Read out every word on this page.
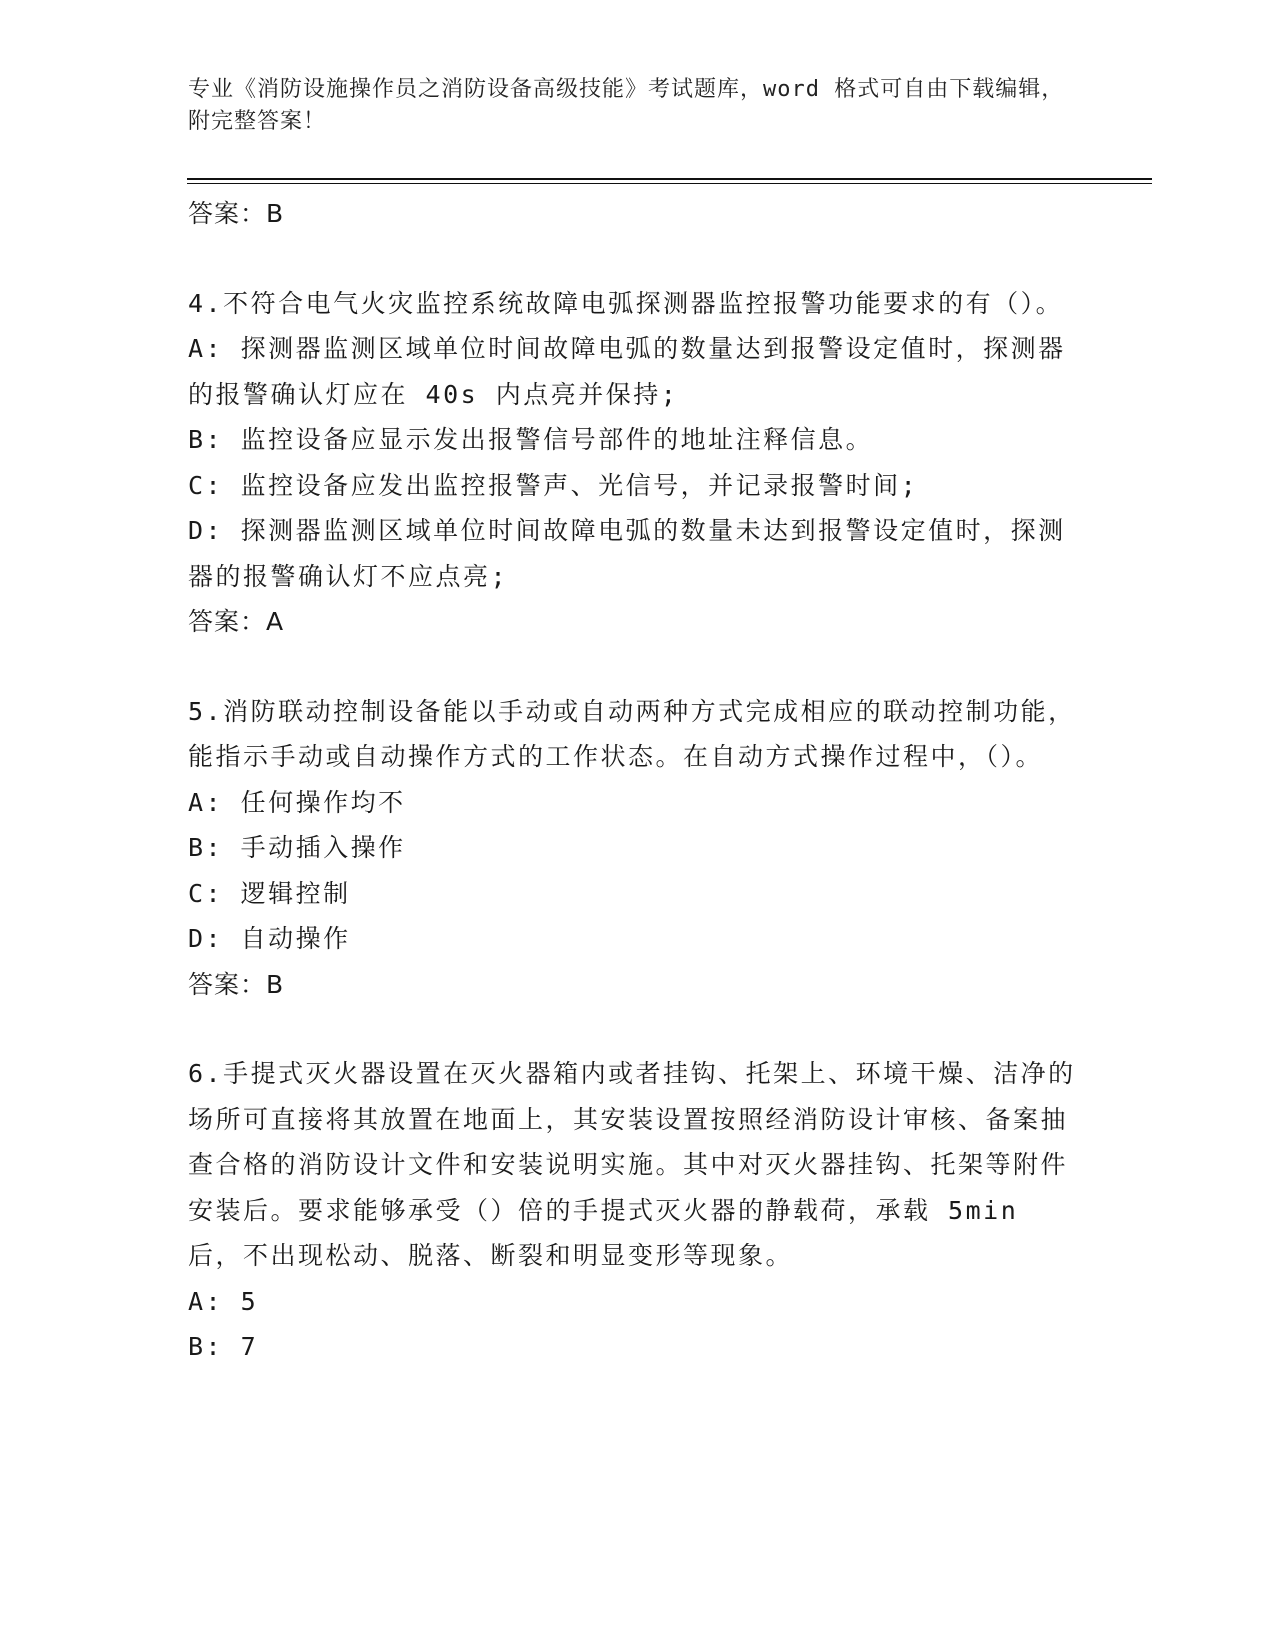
专业《消防设施操作员之消防设备高级技能》考试题库，word 格式可自由下载编辑，附完整答案！

答案：B

4.不符合电气火灾监控系统故障电弧探测器监控报警功能要求的有（）。

A: 探测器监测区域单位时间故障电弧的数量达到报警设定值时，探测器的报警确认灯应在 40s 内点亮并保持;

B: 监控设备应显示发出报警信号部件的地址注释信息。

C: 监控设备应发出监控报警声、光信号，并记录报警时间;

D: 探测器监测区域单位时间故障电弧的数量未达到报警设定值时，探测器的报警确认灯不应点亮;

答案：A

5.消防联动控制设备能以手动或自动两种方式完成相应的联动控制功能，能指示手动或自动操作方式的工作状态。在自动方式操作过程中，（）。

A: 任何操作均不

B: 手动插入操作

C: 逻辑控制

D: 自动操作

答案：B

6.手提式灭火器设置在灭火器箱内或者挂钩、托架上、环境干燥、洁净的场所可直接将其放置在地面上，其安装设置按照经消防设计审核、备案抽查合格的消防设计文件和安装说明实施。其中对灭火器挂钩、托架等附件安装后。要求能够承受（）倍的手提式灭火器的静载荷，承载 5min 后，不出现松动、脱落、断裂和明显变形等现象。

A: 5

B: 7
